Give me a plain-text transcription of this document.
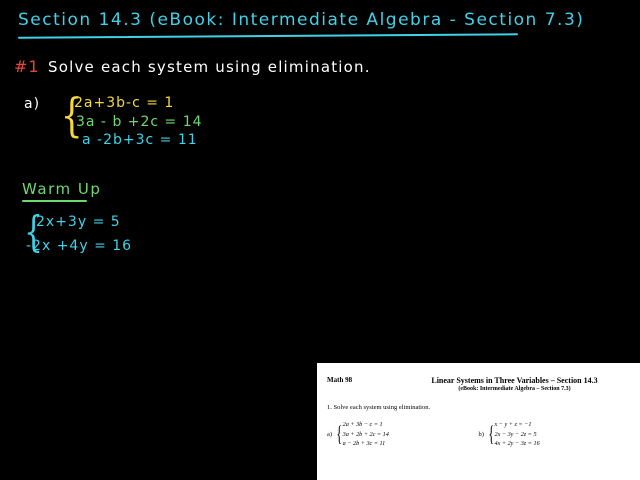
Section 14.3 (eBook: Intermediate Algebra - Section 7.3)
#1 Solve each system using elimination.
a) {
2a+3b-c = 1
3a - b +2c = 14
a -2b+3c = 11
Warm Up
{
2x+3y = 5
-2x +4y = 16
Math 98	Linear Systems in Three Variables – Section 14.3
(eBook: Intermediate Algebra – Section 7.3)
1. Solve each system using elimination.
a) { 2a + 3b − c = 1
3a + 2b + 2c = 14
a − 2b + 3c = 11
b) { x − y + z = −1
2x − 3y − 2z = 5
4x + 2y − 3z = 16
